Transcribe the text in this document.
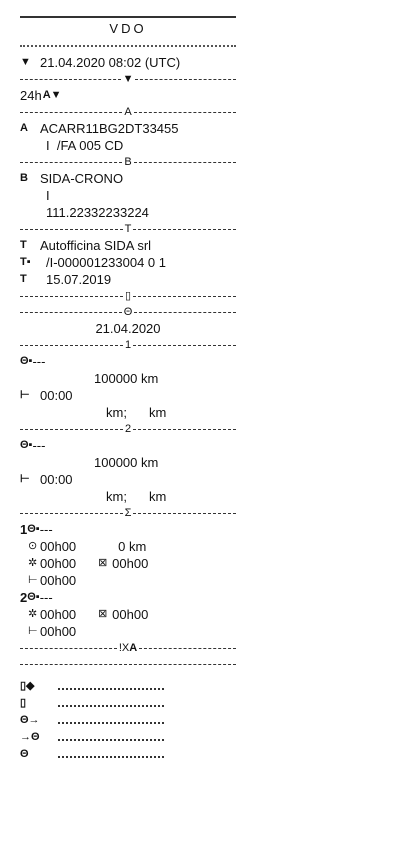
VDO
▼ 21.04.2020 08:02 (UTC)
▼
24h A▼
A
A ACARR11BG2DT33455
I  /FA 005 CD
B
B SIDA-CRONO
I
111.22332233224
T
T	Autofficina SIDA srl
T▪	/I-000001233004 0 1
T	15.07.2019
▯
Θ
21.04.2020
1
Θ▪ ---
100000 km
⊢ 00:00
km; km
2
Θ▪ ---
100000 km
⊢ 00:00
km; km
Σ
1 Θ▪ ---
⊙ 00h00	0 km
✲ 00h00 ⊠ 00h00
⊢ 00h00
2 Θ▪ ---
✲ 00h00 ⊠ 00h00
⊢ 00h00
!XA
▯◆
▯
Θ→
→Θ
Θ
